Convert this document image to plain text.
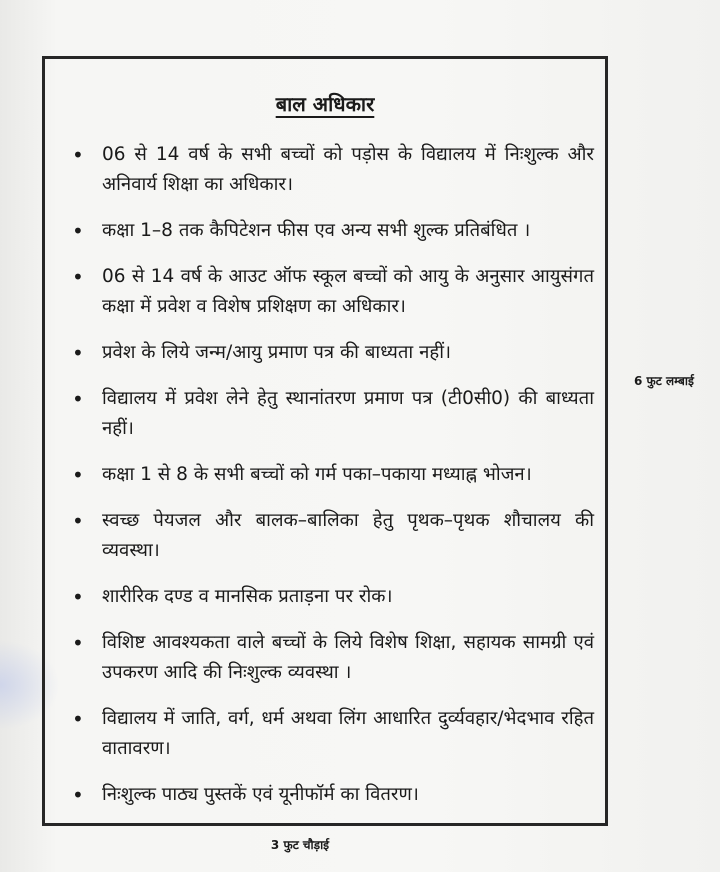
बाल अधिकार
• 06 से 14 वर्ष के सभी बच्चों को पड़ोस के विद्यालय में निःशुल्क और अनिवार्य शिक्षा का अधिकार।
• कक्षा 1–8 तक कैपिटेशन फीस एव अन्य सभी शुल्क प्रतिबंधित ।
• 06 से 14 वर्ष के आउट ऑफ स्कूल बच्चों को आयु के अनुसार आयुसंगत कक्षा में प्रवेश व विशेष प्रशिक्षण का अधिकार।
• प्रवेश के लिये जन्म/आयु प्रमाण पत्र की बाध्यता नहीं।
• विद्यालय में प्रवेश लेने हेतु स्थानांतरण प्रमाण पत्र (टी0सी0) की बाध्यता नहीं।
• कक्षा 1 से 8 के सभी बच्चों को गर्म पका–पकाया मध्याह्न भोजन।
• स्वच्छ पेयजल और बालक–बालिका हेतु पृथक–पृथक शौचालय की व्यवस्था।
• शारीरिक दण्ड व मानसिक प्रताड़ना पर रोक।
• विशिष्ट आवश्यकता वाले बच्चों के लिये विशेष शिक्षा, सहायक सामग्री एवं उपकरण आदि की निःशुल्क व्यवस्था ।
• विद्यालय में जाति, वर्ग, धर्म अथवा लिंग आधारित दुर्व्यवहार/भेदभाव रहित वातावरण।
• निःशुल्क पाठ्य पुस्तकें एवं यूनीफॉर्म का वितरण।
6 फुट लम्बाई
3 फुट चौड़ाई
